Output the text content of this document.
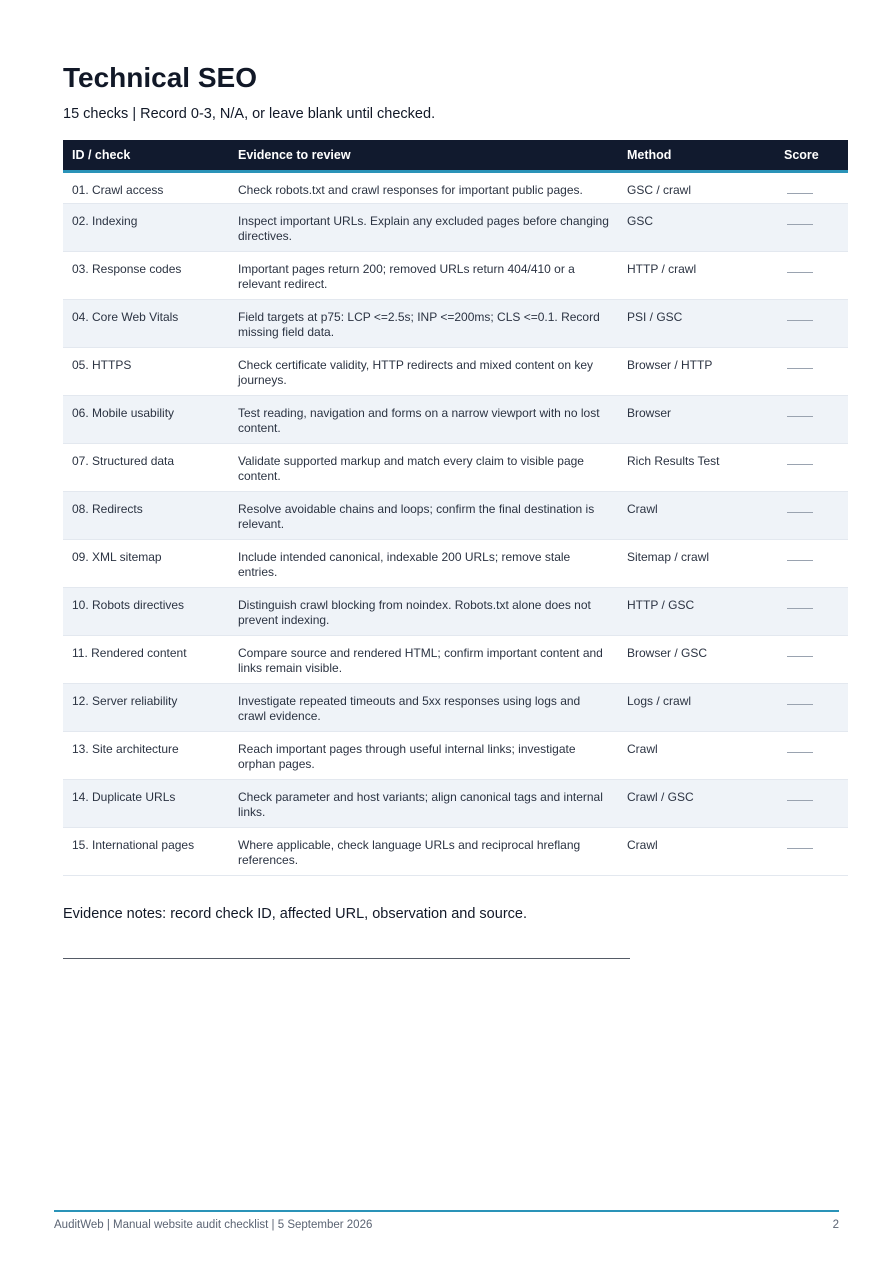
Technical SEO
15 checks | Record 0-3, N/A, or leave blank until checked.
ID / check	Evidence to review	Method	Score
01. Crawl access	Check robots.txt and crawl responses for important public pages.	GSC / crawl	
02. Indexing	Inspect important URLs. Explain any excluded pages before changing directives.	GSC	
03. Response codes	Important pages return 200; removed URLs return 404/410 or a relevant redirect.	HTTP / crawl	
04. Core Web Vitals	Field targets at p75: LCP <=2.5s; INP <=200ms; CLS <=0.1. Record missing field data.	PSI / GSC	
05. HTTPS	Check certificate validity, HTTP redirects and mixed content on key journeys.	Browser / HTTP	
06. Mobile usability	Test reading, navigation and forms on a narrow viewport with no lost content.	Browser	
07. Structured data	Validate supported markup and match every claim to visible page content.	Rich Results Test	
08. Redirects	Resolve avoidable chains and loops; confirm the final destination is relevant.	Crawl	
09. XML sitemap	Include intended canonical, indexable 200 URLs; remove stale entries.	Sitemap / crawl	
10. Robots directives	Distinguish crawl blocking from noindex. Robots.txt alone does not prevent indexing.	HTTP / GSC	
11. Rendered content	Compare source and rendered HTML; confirm important content and links remain visible.	Browser / GSC	
12. Server reliability	Investigate repeated timeouts and 5xx responses using logs and crawl evidence.	Logs / crawl	
13. Site architecture	Reach important pages through useful internal links; investigate orphan pages.	Crawl	
14. Duplicate URLs	Check parameter and host variants; align canonical tags and internal links.	Crawl / GSC	
15. International pages	Where applicable, check language URLs and reciprocal hreflang references.	Crawl	
Evidence notes: record check ID, affected URL, observation and source.
AuditWeb | Manual website audit checklist | 5 September 2026	2
